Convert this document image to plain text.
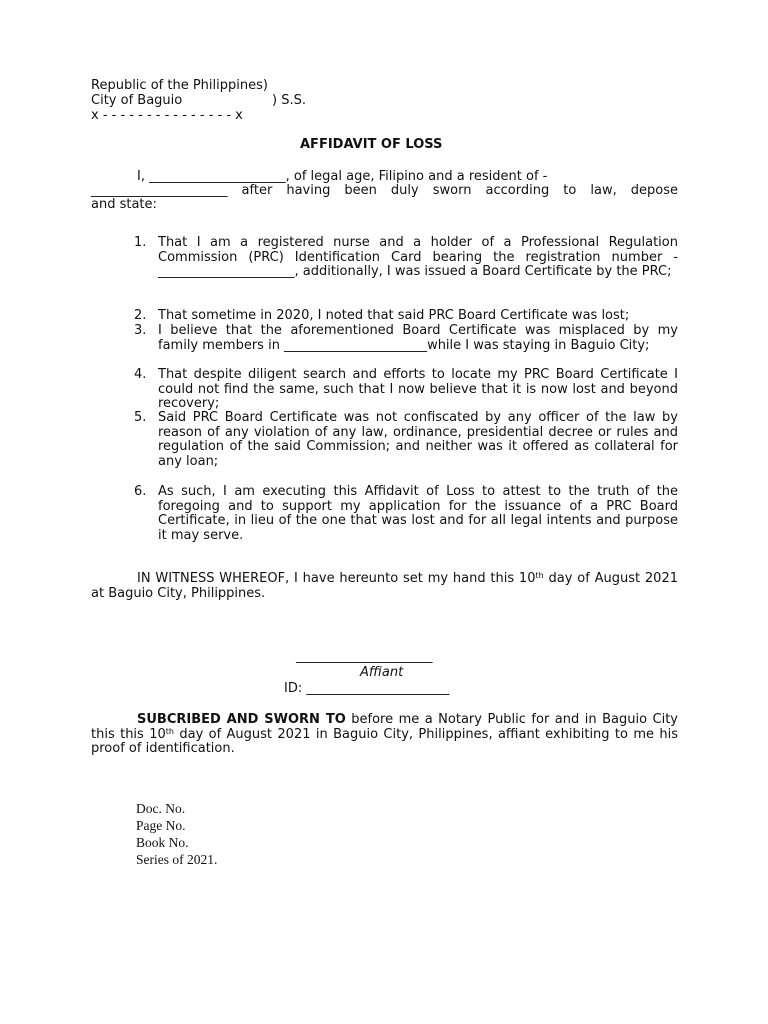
Republic of the Philippines)
City of Baguio	) S.S.
x - - - - - - - - - - - - - - - x
AFFIDAVIT OF LOSS
I, _____________________, of legal age, Filipino and a resident of -
_____________________ after having been duly sworn according to law, depose
and state:
1. That I am a registered nurse and a holder of a Professional Regulation Commission (PRC) Identification Card bearing the registration number - _____________________, additionally, I was issued a Board Certificate by the PRC;

2. That sometime in 2020, I noted that said PRC Board Certificate was lost;

3. I believe that the aforementioned Board Certificate was misplaced by my family members in ______________________while I was staying in Baguio City;

4. That despite diligent search and efforts to locate my PRC Board Certificate I could not find the same, such that I now believe that it is now lost and beyond recovery;

5. Said PRC Board Certificate was not confiscated by any officer of the law by reason of any violation of any law, ordinance, presidential decree or rules and regulation of the said Commission; and neither was it offered as collateral for any loan;

6. As such, I am executing this Affidavit of Loss to attest to the truth of the foregoing and to support my application for the issuance of a PRC Board Certificate, in lieu of the one that was lost and for all legal intents and purpose it may serve.

IN WITNESS WHEREOF, I have hereunto set my hand this 10th day of August 2021 at Baguio City, Philippines.

_____________________
Affiant
ID: ______________________

SUBCRIBED AND SWORN TO before me a Notary Public for and in Baguio City this this 10th day of August 2021 in Baguio City, Philippines, affiant exhibiting to me his proof of identification.

Doc. No.
Page No.
Book No.
Series of 2021.
